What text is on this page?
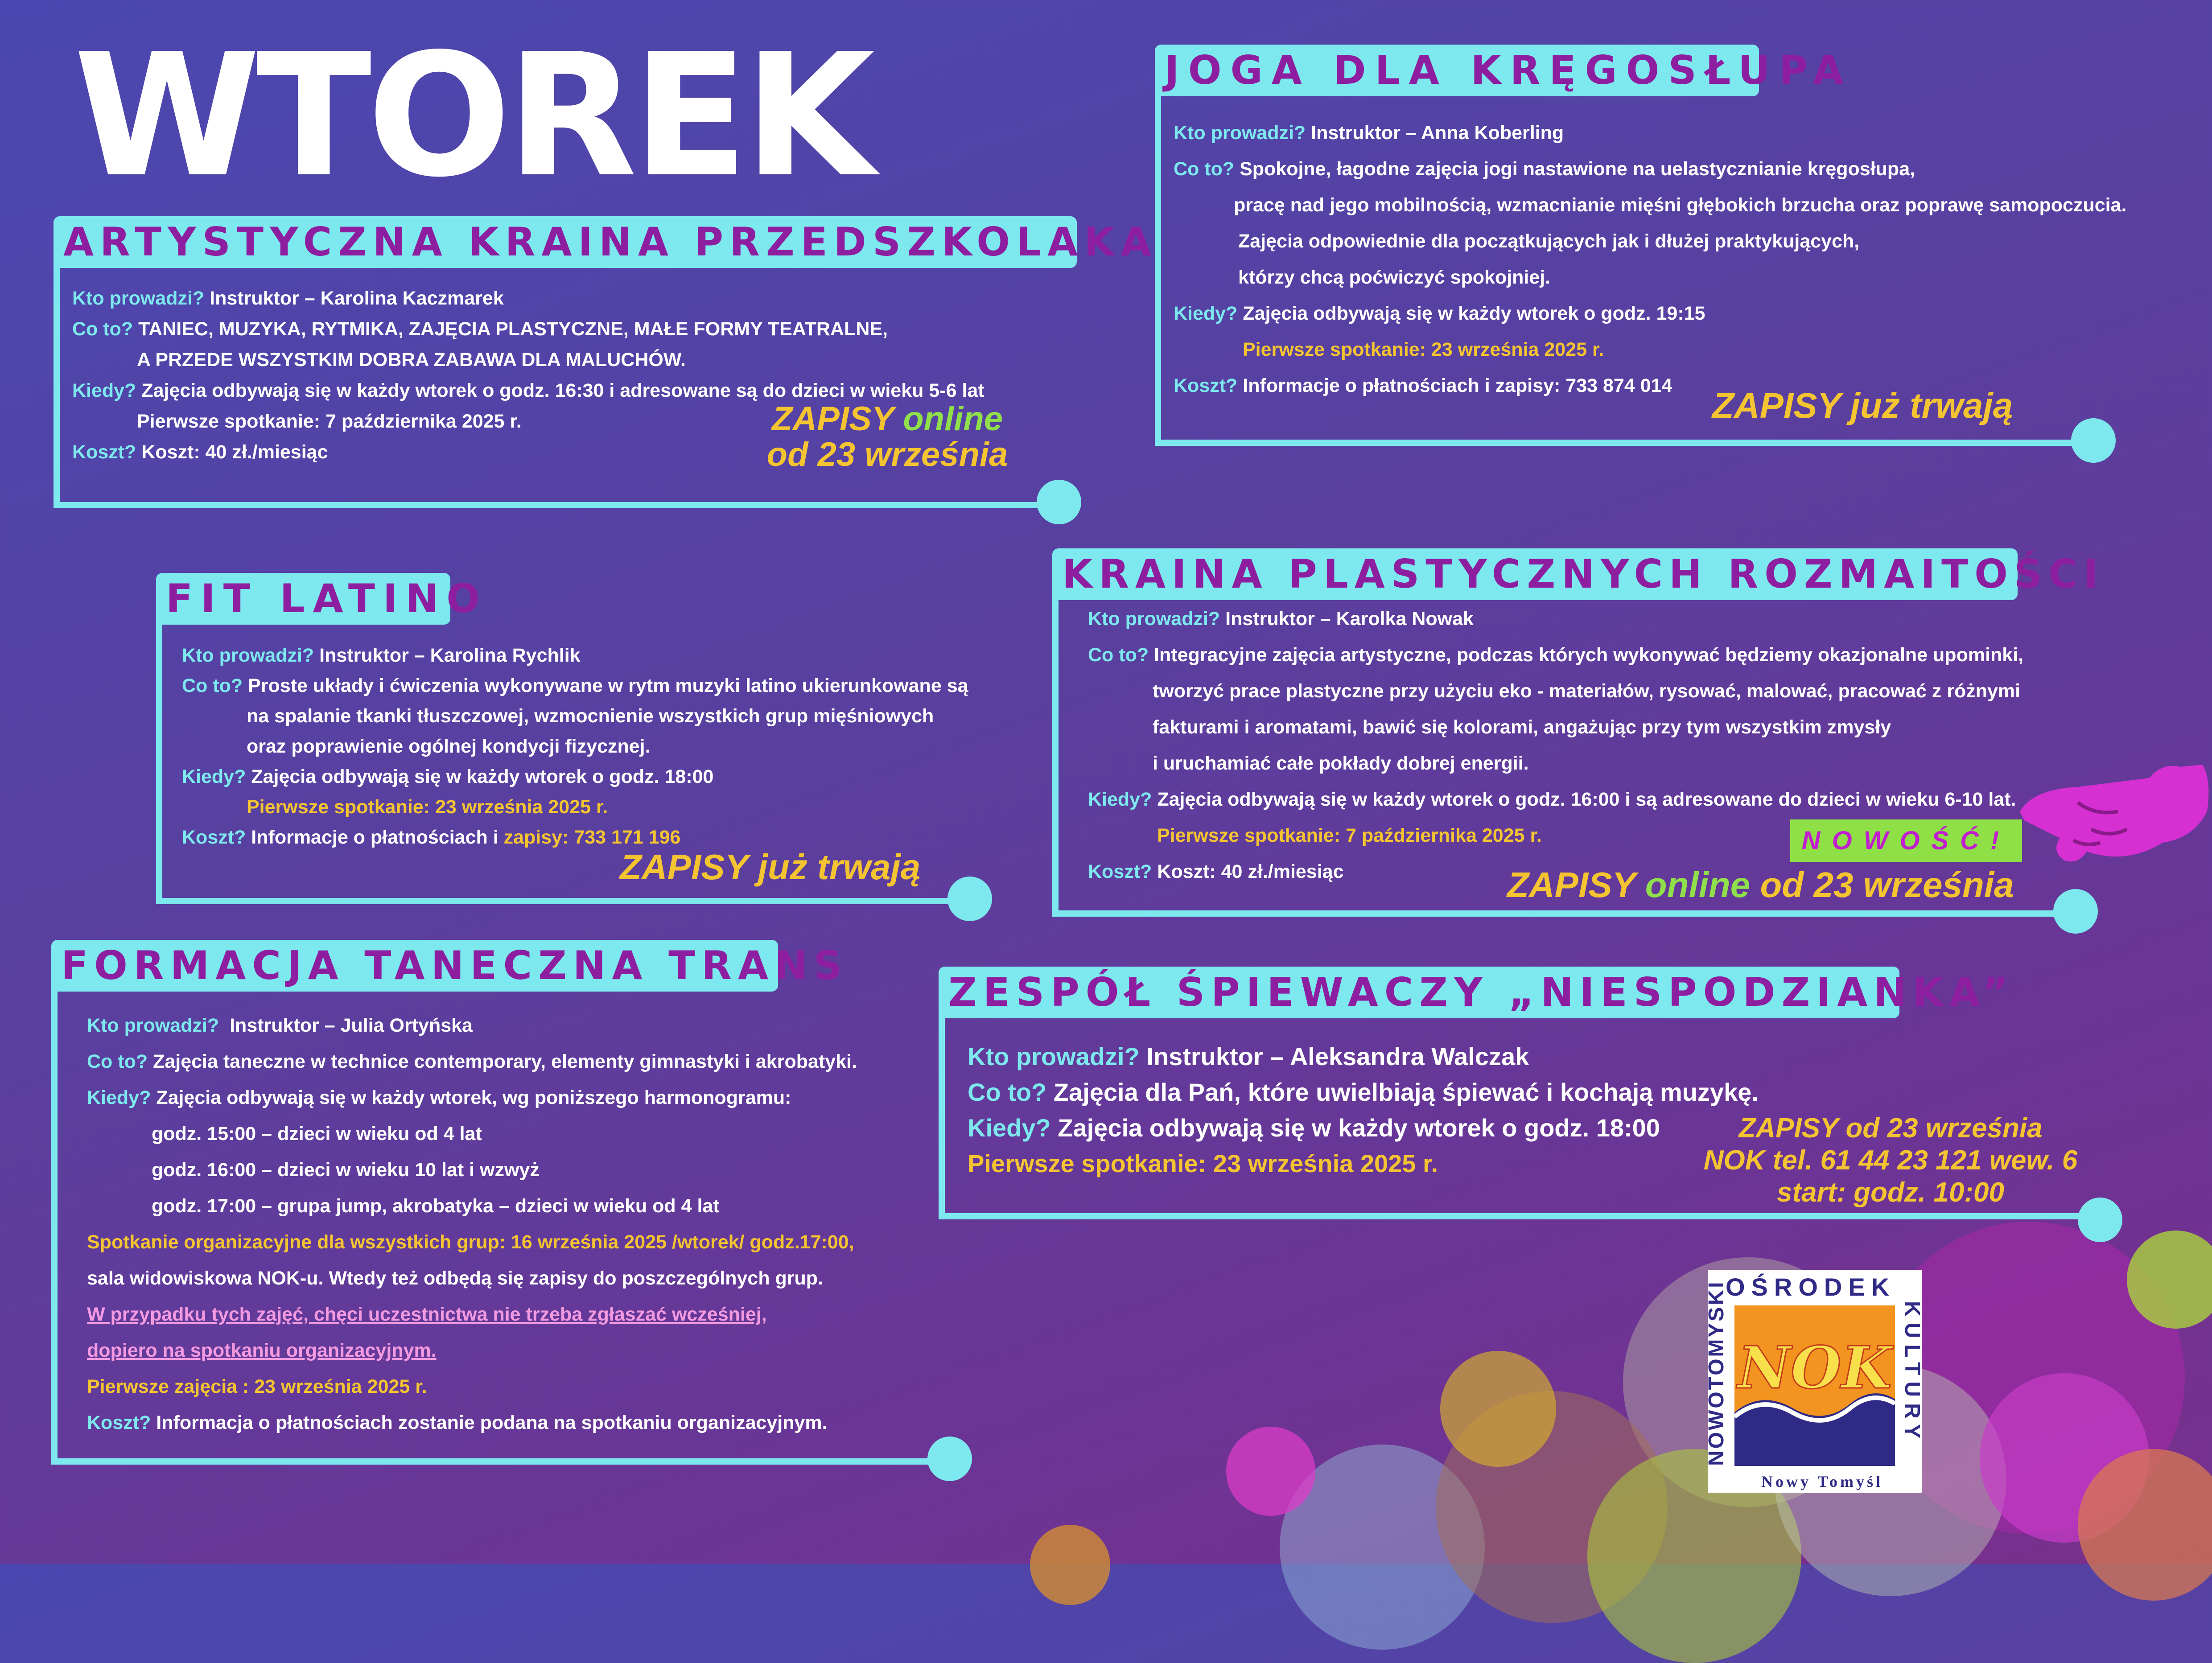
WTOREK
ARTYSTYCZNA KRAINA PRZEDSZKOLAKA
Kto prowadzi? Instruktor – Karolina Kaczmarek
Co to? TANIEC, MUZYKA, RYTMIKA, ZAJĘCIA PLASTYCZNE, MAŁE FORMY TEATRALNE,
A PRZEDE WSZYSTKIM DOBRA ZABAWA DLA MALUCHÓW.
Kiedy? Zajęcia odbywają się w każdy wtorek o godz. 16:30 i adresowane są do dzieci w wieku 5-6 lat
Pierwsze spotkanie: 7 października 2025 r.
Koszt? Koszt: 40 zł./miesiąc
ZAPISY online
od 23 września
JOGA DLA KRĘGOSŁUPA
Kto prowadzi? Instruktor – Anna Koberling
Co to? Spokojne, łagodne zajęcia jogi nastawione na uelastycznianie kręgosłupa,
pracę nad jego mobilnością, wzmacnianie mięśni głębokich brzucha oraz poprawę samopoczucia.
Zajęcia odpowiednie dla początkujących jak i dłużej praktykujących,
którzy chcą poćwiczyć spokojniej.
Kiedy? Zajęcia odbywają się w każdy wtorek o godz. 19:15
Pierwsze spotkanie: 23 września 2025 r.
Koszt? Informacje o płatnościach i zapisy: 733 874 014	ZAPISY już trwają
FIT LATINO
Kto prowadzi? Instruktor – Karolina Rychlik
Co to? Proste układy i ćwiczenia wykonywane w rytm muzyki latino ukierunkowane są
na spalanie tkanki tłuszczowej, wzmocnienie wszystkich grup mięśniowych
oraz poprawienie ogólnej kondycji fizycznej.
Kiedy? Zajęcia odbywają się w każdy wtorek o godz. 18:00
Pierwsze spotkanie: 23 września 2025 r.
Koszt? Informacje o płatnościach i zapisy: 733 171 196
ZAPISY już trwają
KRAINA PLASTYCZNYCH ROZMAITOŚCI
Kto prowadzi? Instruktor – Karolka Nowak
Co to? Integracyjne zajęcia artystyczne, podczas których wykonywać będziemy okazjonalne upominki,
tworzyć prace plastyczne przy użyciu eko - materiałów, rysować, malować, pracować z różnymi
fakturami i aromatami, bawić się kolorami, angażując przy tym wszystkim zmysły
i uruchamiać całe pokłady dobrej energii.
Kiedy? Zajęcia odbywają się w każdy wtorek o godz. 16:00 i są adresowane do dzieci w wieku 6-10 lat.
Pierwsze spotkanie: 7 października 2025 r.
Koszt? Koszt: 40 zł./miesiąc
NOWOŚĆ!
ZAPISY online od 23 września
FORMACJA TANECZNA TRANS
Kto prowadzi? Instruktor – Julia Ortyńska
Co to? Zajęcia taneczne w technice contemporary, elementy gimnastyki i akrobatyki.
Kiedy? Zajęcia odbywają się w każdy wtorek, wg poniższego harmonogramu:
godz. 15:00 – dzieci w wieku od 4 lat
godz. 16:00 – dzieci w wieku 10 lat i wzwyż
godz. 17:00 – grupa jump, akrobatyka – dzieci w wieku od 4 lat
Spotkanie organizacyjne dla wszystkich grup: 16 września 2025 /wtorek/ godz.17:00,
sala widowiskowa NOK-u. Wtedy też odbędą się zapisy do poszczególnych grup.
W przypadku tych zajęć, chęci uczestnictwa nie trzeba zgłaszać wcześniej,
dopiero na spotkaniu organizacyjnym.
Pierwsze zajęcia : 23 września 2025 r.
Koszt? Informacja o płatnościach zostanie podana na spotkaniu organizacyjnym.
ZESPÓŁ ŚPIEWACZY „NIESPODZIANKA”
Kto prowadzi? Instruktor – Aleksandra Walczak
Co to? Zajęcia dla Pań, które uwielbiają śpiewać i kochają muzykę.
Kiedy? Zajęcia odbywają się w każdy wtorek o godz. 18:00
Pierwsze spotkanie: 23 września 2025 r.
ZAPISY od 23 września
NOK tel. 61 44 23 121 wew. 6
start: godz. 10:00
OŚRODEK
NOWOTOMYSKI	KULTURY
NOK
Nowy Tomyśl
